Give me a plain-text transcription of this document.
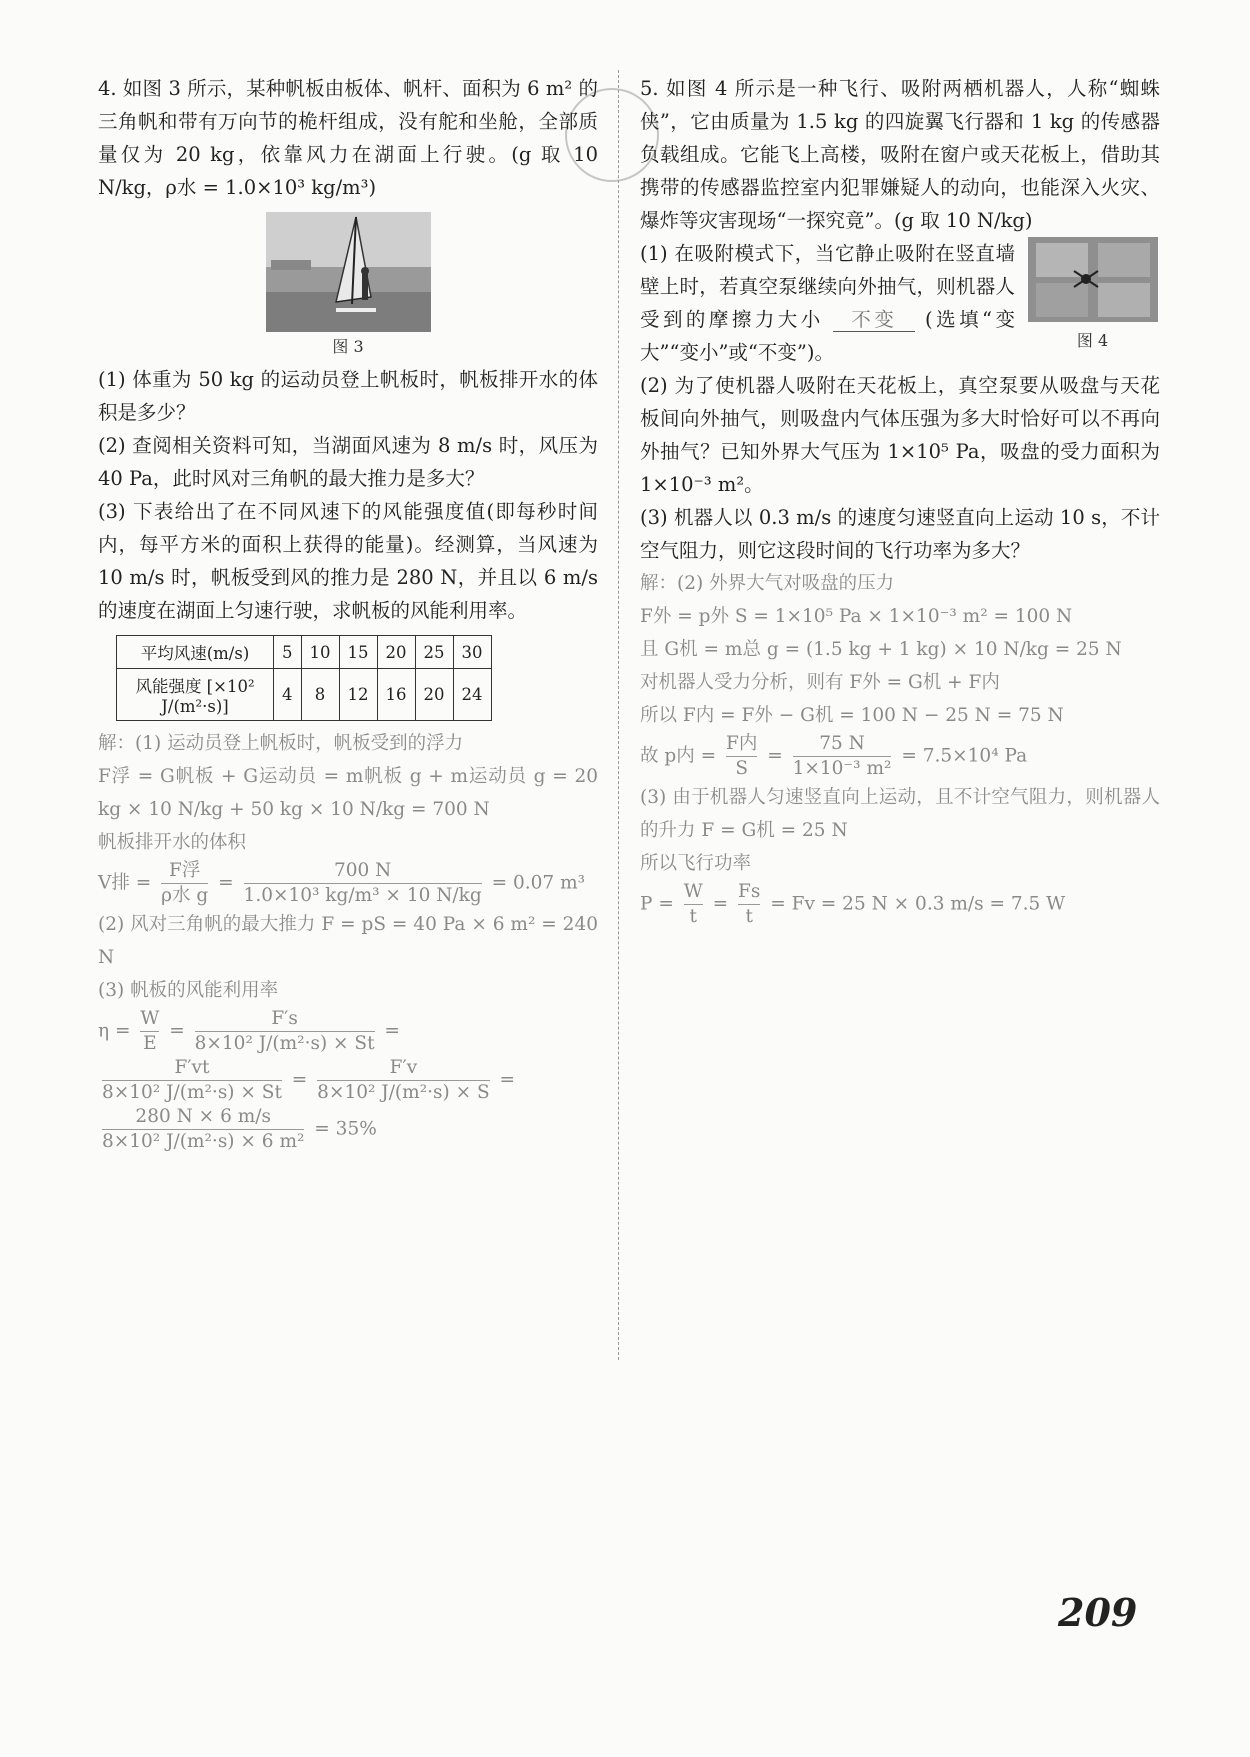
4. 如图 3 所示，某种帆板由板体、帆杆、面积为 6 m² 的三角帆和带有万向节的桅杆组成，没有舵和坐舱，全部质量仅为 20 kg，依靠风力在湖面上行驶。(g 取 10 N/kg，ρ水 = 1.0×10³ kg/m³)

图 3

(1) 体重为 50 kg 的运动员登上帆板时，帆板排开水的体积是多少？

(2) 查阅相关资料可知，当湖面风速为 8 m/s 时，风压为 40 Pa，此时风对三角帆的最大推力是多大？

(3) 下表给出了在不同风速下的风能强度值(即每秒时间内，每平方米的面积上获得的能量)。经测算，当风速为 10 m/s 时，帆板受到风的推力是 280 N，并且以 6 m/s 的速度在湖面上匀速行驶，求帆板的风能利用率。

平均风速(m/s)	5	10	15	20	25	30
风能强度 [×10² J/(m²·s)]	4	8	12	16	20	24

解：(1) 运动员登上帆板时，帆板受到的浮力

F浮 = G帆板 + G运动员 = m帆板 g + m运动员 g = 20 kg × 10 N/kg + 50 kg × 10 N/kg = 700 N

帆板排开水的体积

V排 = $\frac{\text{F浮}}{\text{ρ水 g}} = \frac{700 N}{\text{1.0×10³ kg/m³ × 10 N/kg}} = 0.07$ m³

(2) 风对三角帆的最大推力 F = pS = 40 Pa × 6 m² = 240 N

(3) 帆板的风能利用率

$\eta = \frac{W}{E} = \frac{F's}{\text{8×10² J/(m²·s) × St}}$ =

$\frac{F'vt}{\text{8×10² J/(m²·s) × St}} = \frac{F'v}{\text{8×10² J/(m²·s) × S}}$ =

$\frac{280 N \times 6 m/s}{\text{8×10² J/(m²·s) × 6 m²}} = 35\%$

5. 如图 4 所示是一种飞行、吸附两栖机器人，人称“蜘蛛侠”，它由质量为 1.5 kg 的四旋翼飞行器和 1 kg 的传感器负载组成。它能飞上高楼，吸附在窗户或天花板上，借助其携带的传感器监控室内犯罪嫌疑人的动向，也能深入火灾、爆炸等灾害现场“一探究竟”。(g 取 10 N/kg)

图 4

(1) 在吸附模式下，当它静止吸附在竖直墙壁上时，若真空泵继续向外抽气，则机器人受到的摩擦力大小 不变 (选填“变大”“变小”或“不变”)。

(2) 为了使机器人吸附在天花板上，真空泵要从吸盘与天花板间向外抽气，则吸盘内气体压强为多大时恰好可以不再向外抽气？已知外界大气压为 1×10⁵ Pa，吸盘的受力面积为 1×10⁻³ m²。

(3) 机器人以 0.3 m/s 的速度匀速竖直向上运动 10 s，不计空气阻力，则它这段时间的飞行功率为多大？

解：(2) 外界大气对吸盘的压力

F外 = p外 S = 1×10⁵ Pa × 1×10⁻³ m² = 100 N

且 G机 = m总 g = (1.5 kg + 1 kg) × 10 N/kg = 25 N

对机器人受力分析，则有 F外 = G机 + F内

所以 F内 = F外 − G机 = 100 N − 25 N = 75 N

故 p内 = $\frac{\text{F内}}{S} = \frac{75 N}{\text{1×10⁻³ m²}} = 7.5\times 10^4$ Pa

(3) 由于机器人匀速竖直向上运动，且不计空气阻力，则机器人的升力 F = G机 = 25 N

所以飞行功率

$P = \frac{W}{t} = \frac{Fs}{t} = Fv = 25$ N × 0.3 m/s = 7.5 W

209
